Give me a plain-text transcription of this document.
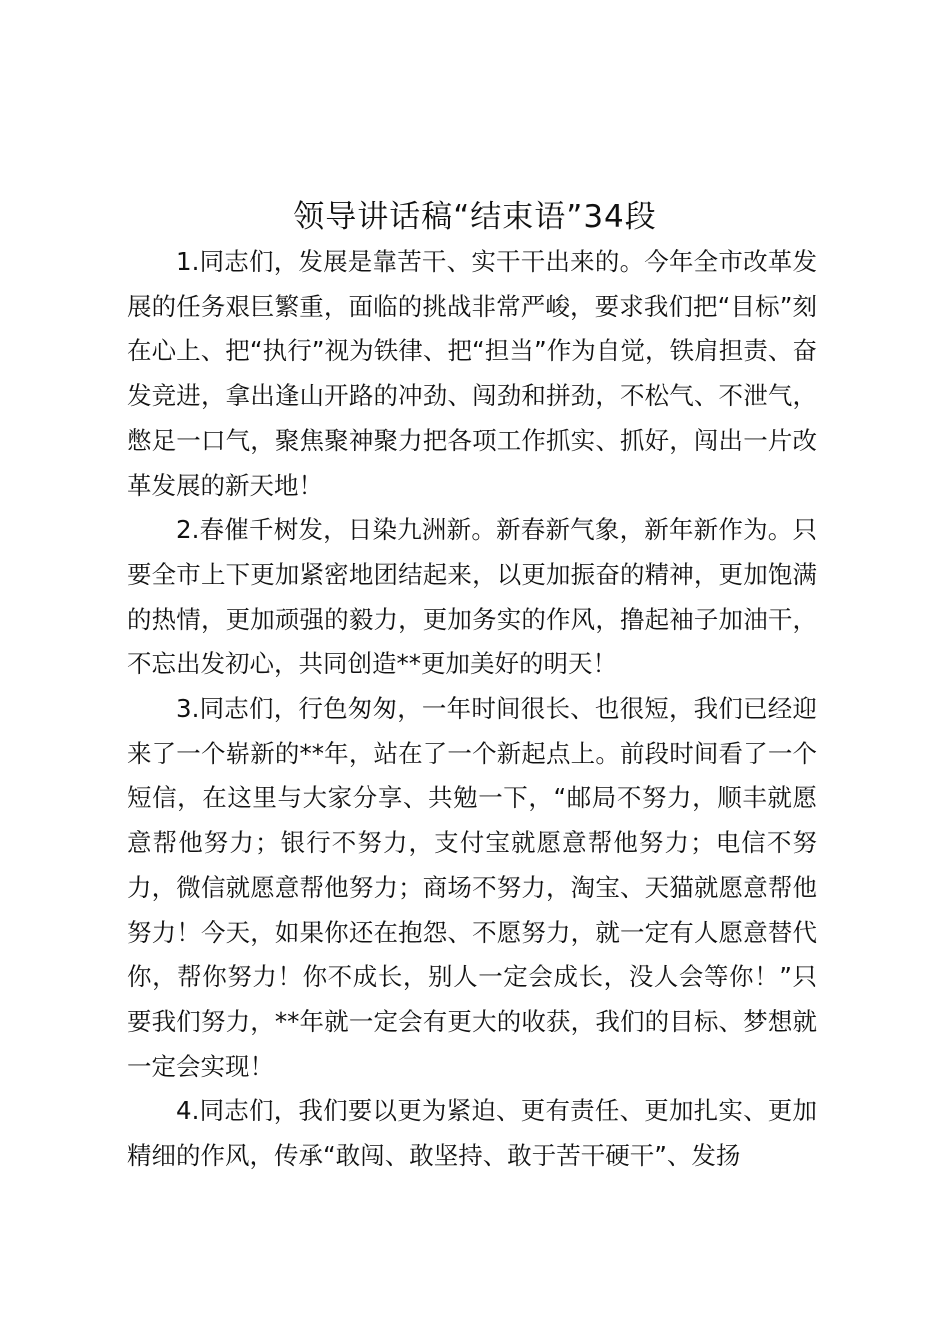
领导讲话稿“结束语”34段

1.同志们，发展是靠苦干、实干干出来的。今年全市改革发展的任务艰巨繁重，面临的挑战非常严峻，要求我们把“目标”刻在心上、把“执行”视为铁律、把“担当”作为自觉，铁肩担责、奋发竞进，拿出逢山开路的冲劲、闯劲和拼劲，不松气、不泄气，憋足一口气，聚焦聚神聚力把各项工作抓实、抓好，闯出一片改革发展的新天地！

2.春催千树发，日染九洲新。新春新气象，新年新作为。只要全市上下更加紧密地团结起来，以更加振奋的精神，更加饱满的热情，更加顽强的毅力，更加务实的作风，撸起袖子加油干，不忘出发初心，共同创造**更加美好的明天！

3.同志们，行色匆匆，一年时间很长、也很短，我们已经迎来了一个崭新的**年，站在了一个新起点上。前段时间看了一个短信，在这里与大家分享、共勉一下，“邮局不努力，顺丰就愿意帮他努力；银行不努力，支付宝就愿意帮他努力；电信不努力，微信就愿意帮他努力；商场不努力，淘宝、天猫就愿意帮他努力！今天，如果你还在抱怨、不愿努力，就一定有人愿意替代你，帮你努力！你不成长，别人一定会成长，没人会等你！”只要我们努力，**年就一定会有更大的收获，我们的目标、梦想就一定会实现！

4.同志们，我们要以更为紧迫、更有责任、更加扎实、更加精细的作风，传承“敢闯、敢坚持、敢于苦干硬干”、发扬
